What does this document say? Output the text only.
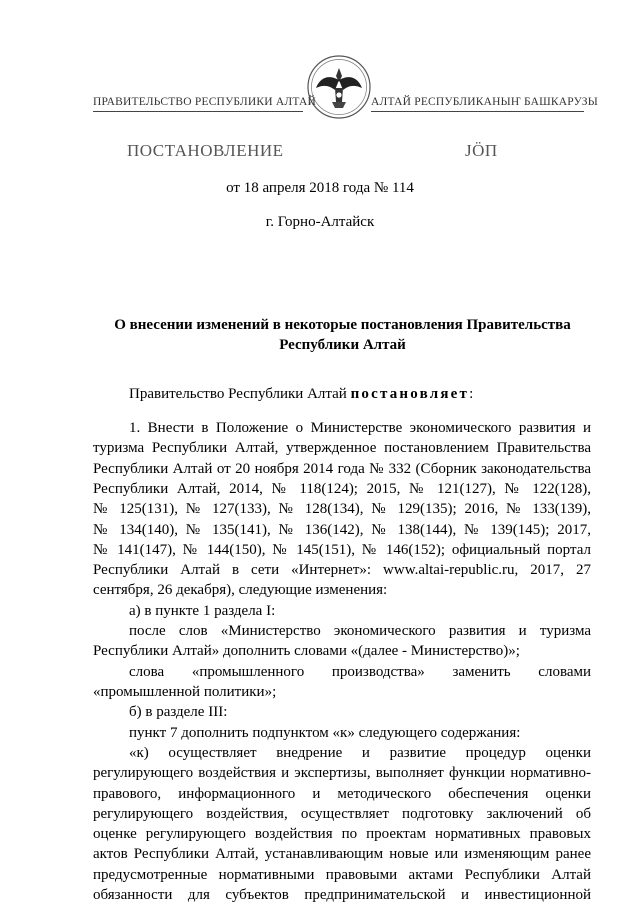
ПРАВИТЕЛЬСТВО РЕСПУБЛИКИ АЛТАЙ	АЛТАЙ РЕСПУБЛИКАНЫҤ БАШКАРУЗЫ
ПОСТАНОВЛЕНИЕ	JӦП
от 18 апреля 2018 года № 114
г. Горно-Алтайск
О внесении изменений в некоторые постановления Правительства
Республики Алтай
Правительство Республики Алтай постановляет:
1. Внести в Положение о Министерстве экономического развития и
туризма Республики Алтай, утвержденное постановлением Правительства
Республики Алтай от 20 ноября 2014 года № 332 (Сборник законодательства
Республики Алтай, 2014, № 118(124); 2015, № 121(127), № 122(128),
№ 125(131), № 127(133), № 128(134), № 129(135); 2016, № 133(139),
№ 134(140), № 135(141), № 136(142), № 138(144), № 139(145); 2017,
№ 141(147), № 144(150), № 145(151), № 146(152); официальный портал
Республики Алтай в сети «Интернет»: www.altai-republic.ru, 2017, 27
сентября, 26 декабря), следующие изменения:
а) в пункте 1 раздела I:
после слов «Министерство экономического развития и туризма
Республики Алтай» дополнить словами «(далее - Министерство)»;
слова «промышленного производства» заменить словами
«промышленной политики»;
б) в разделе III:
пункт 7 дополнить подпунктом «к» следующего содержания:
«к) осуществляет внедрение и развитие процедур оценки
регулирующего воздействия и экспертизы, выполняет функции нормативно-
правового, информационного и методического обеспечения оценки
регулирующего воздействия, осуществляет подготовку заключений об
оценке регулирующего воздействия по проектам нормативных правовых
актов Республики Алтай, устанавливающим новые или изменяющим ранее
предусмотренные нормативными правовыми актами Республики Алтай
обязанности для субъектов предпринимательской и инвестиционной
